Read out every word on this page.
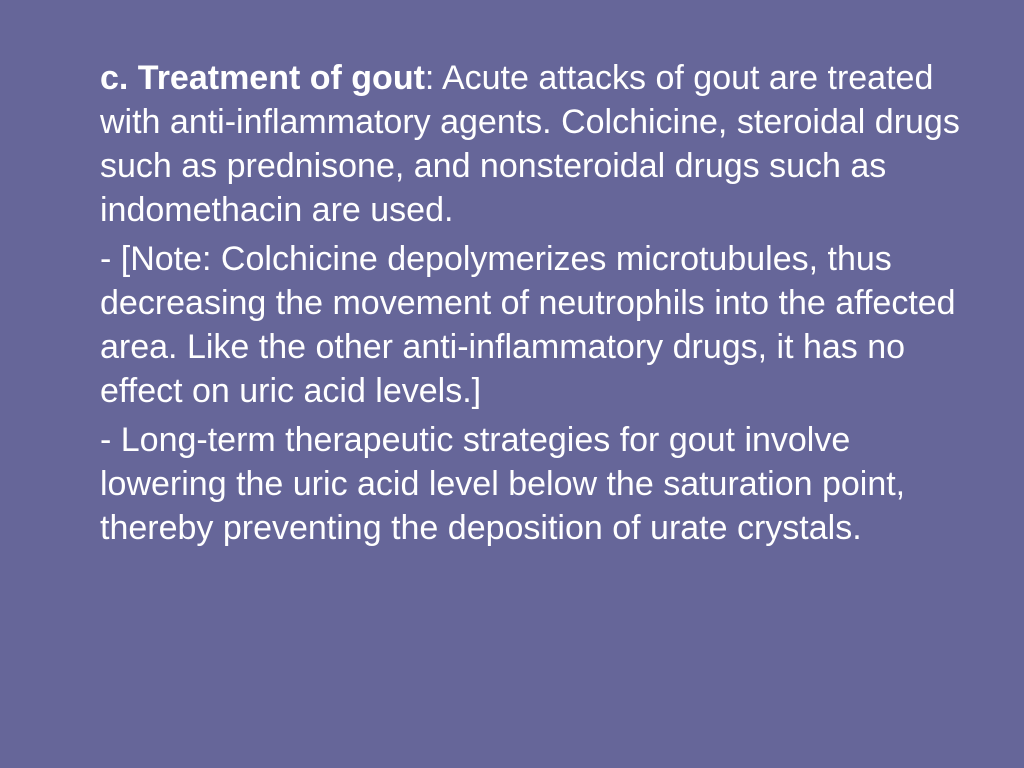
c. Treatment of gout: Acute attacks of gout are treated with anti-inflammatory agents. Colchicine, steroidal drugs such as prednisone, and nonsteroidal drugs such as indomethacin are used.

- [Note: Colchicine depolymerizes microtubules, thus decreasing the movement of neutrophils into the affected area. Like the other anti-inflammatory drugs, it has no effect on uric acid levels.]

- Long-term therapeutic strategies for gout involve lowering the uric acid level below the saturation point, thereby preventing the deposition of urate crystals.
